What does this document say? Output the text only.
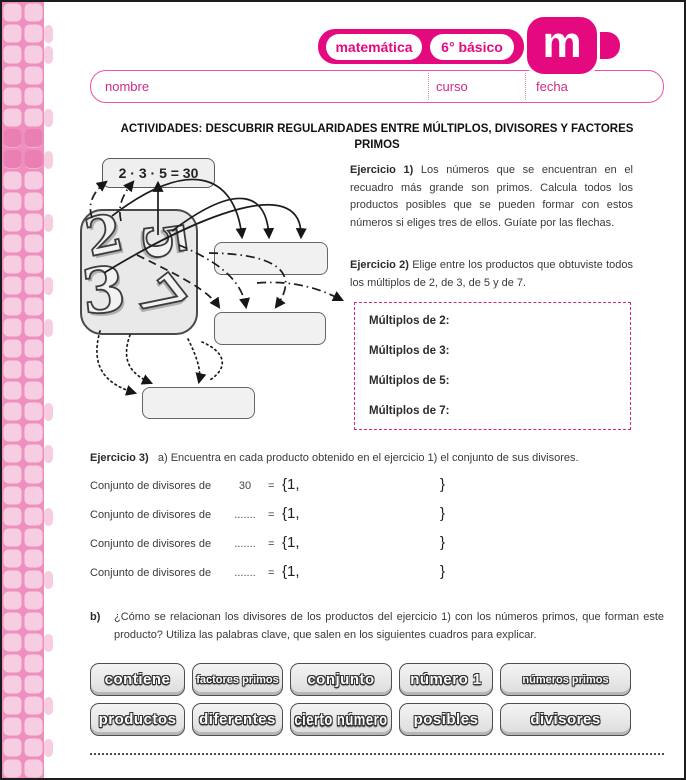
matemática 6° básico m
nombre	curso	fecha
ACTIVIDADES: DESCUBRIR REGULARIDADES ENTRE MÚLTIPLOS, DIVISORES Y FACTORES PRIMOS
2 · 3 · 5 = 30
2 5
3
7
Ejercicio 1) Los números que se encuentran en el recuadro más grande son primos. Calcula todos los productos posibles que se pueden formar con estos números si eliges tres de ellos. Guíate por las flechas.
Ejercicio 2) Elige entre los productos que obtuviste todos los múltiplos de 2, de 3, de 5 y de 7.
Múltiplos de 2:
Múltiplos de 3:
Múltiplos de 5:
Múltiplos de 7:
Ejercicio 3) a) Encuentra en cada producto obtenido en el ejercicio 1) el conjunto de sus divisores.
Conjunto de divisores de	30	= {1,	}
Conjunto de divisores de	.......	= {1,	}
Conjunto de divisores de	.......	= {1,	}
Conjunto de divisores de	.......	= {1,	}
b) ¿Cómo se relacionan los divisores de los productos del ejercicio 1) con los números primos, que forman este producto? Utiliza las palabras clave, que salen en los siguientes cuadros para explicar.
contiene factores primos conjunto número 1	números primos
productos diferentes cierto número posibles	divisores
